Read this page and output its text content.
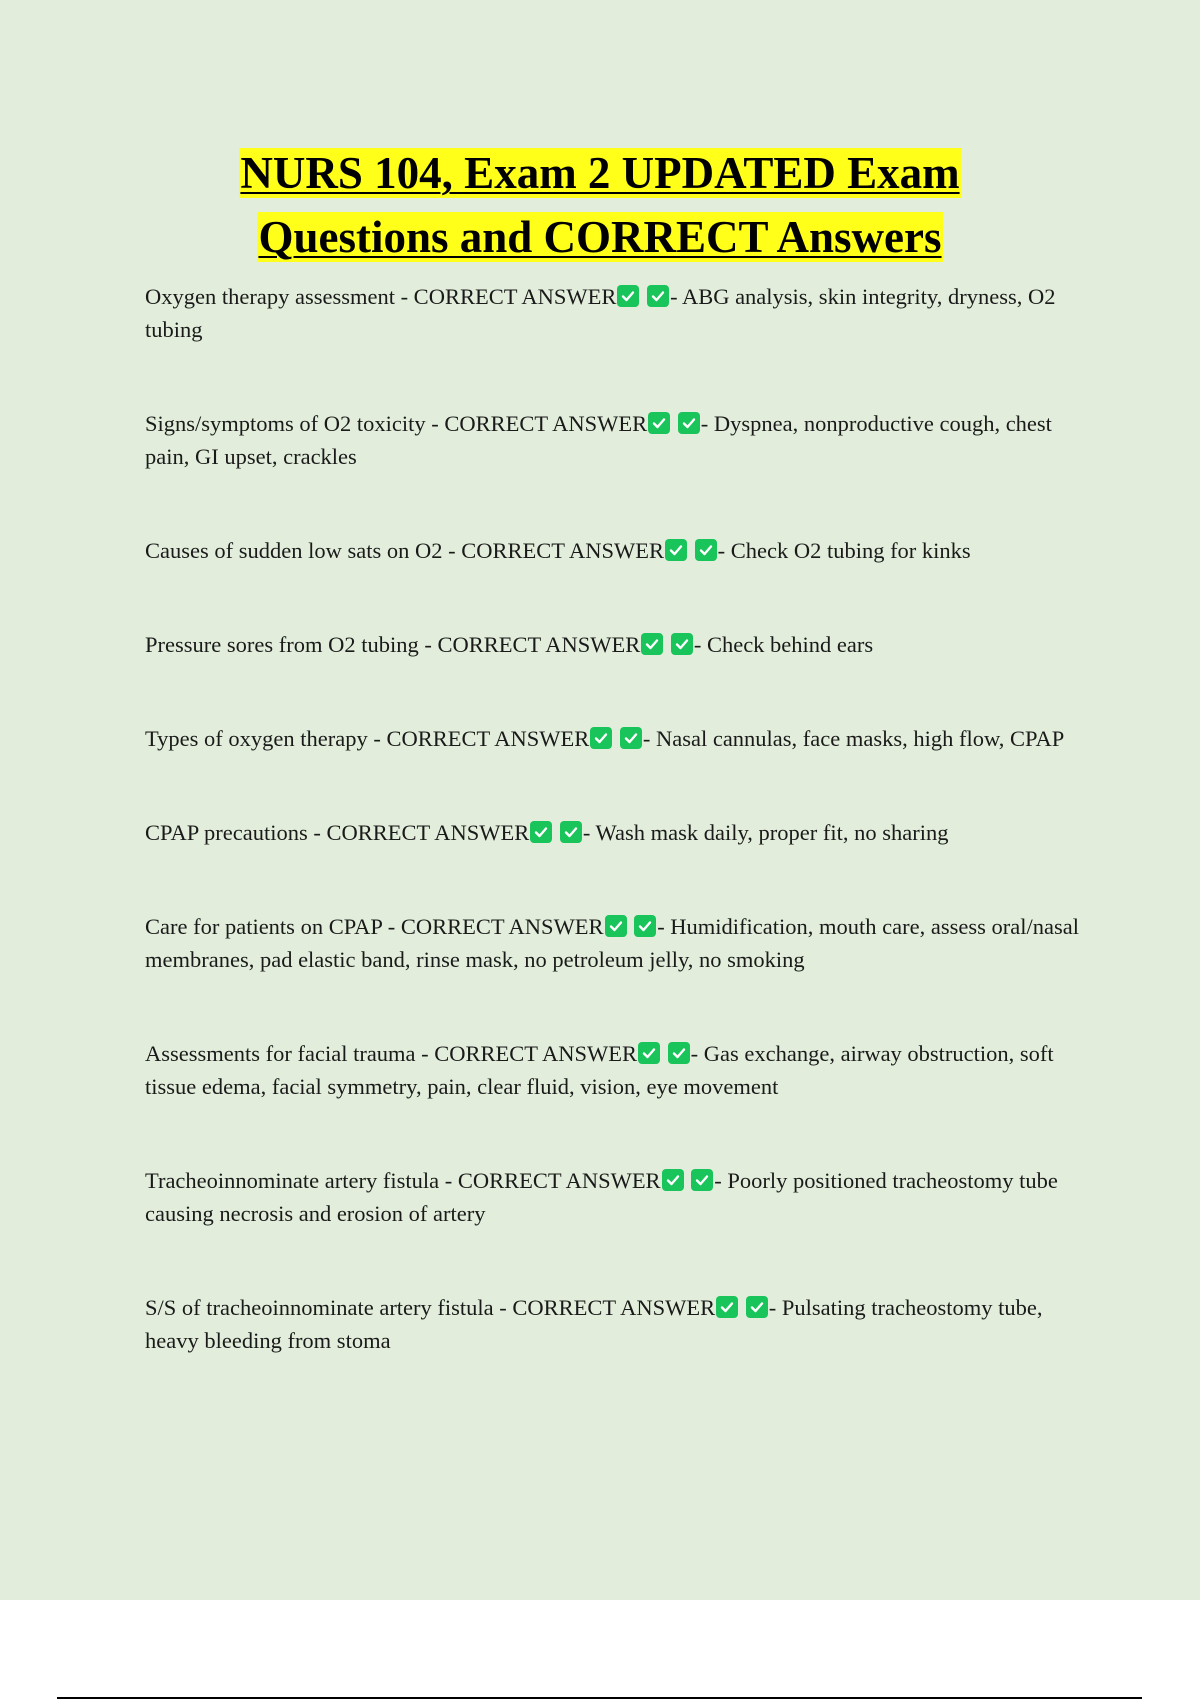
NURS 104, Exam 2 UPDATED Exam
Questions and CORRECT Answers
Oxygen therapy assessment - CORRECT ANSWER
- ABG analysis, skin integrity, dryness, O2 tubing
Signs/symptoms of O2 toxicity - CORRECT ANSWER
- Dyspnea, nonproductive cough, chest pain, GI upset, crackles
Causes of sudden low sats on O2 - CORRECT ANSWER
- Check O2 tubing for kinks
Pressure sores from O2 tubing - CORRECT ANSWER
- Check behind ears
Types of oxygen therapy - CORRECT ANSWER
- Nasal cannulas, face masks, high flow, CPAP
CPAP precautions - CORRECT ANSWER
- Wash mask daily, proper fit, no sharing
Care for patients on CPAP - CORRECT ANSWER
- Humidification, mouth care, assess oral/nasal membranes, pad elastic band, rinse mask, no petroleum jelly, no smoking
Assessments for facial trauma - CORRECT ANSWER
- Gas exchange, airway obstruction, soft tissue edema, facial symmetry, pain, clear fluid, vision, eye movement
Tracheoinnominate artery fistula - CORRECT ANSWER
- Poorly positioned tracheostomy tube causing necrosis and erosion of artery
S/S of tracheoinnominate artery fistula - CORRECT ANSWER
- Pulsating tracheostomy tube, heavy bleeding from stoma
